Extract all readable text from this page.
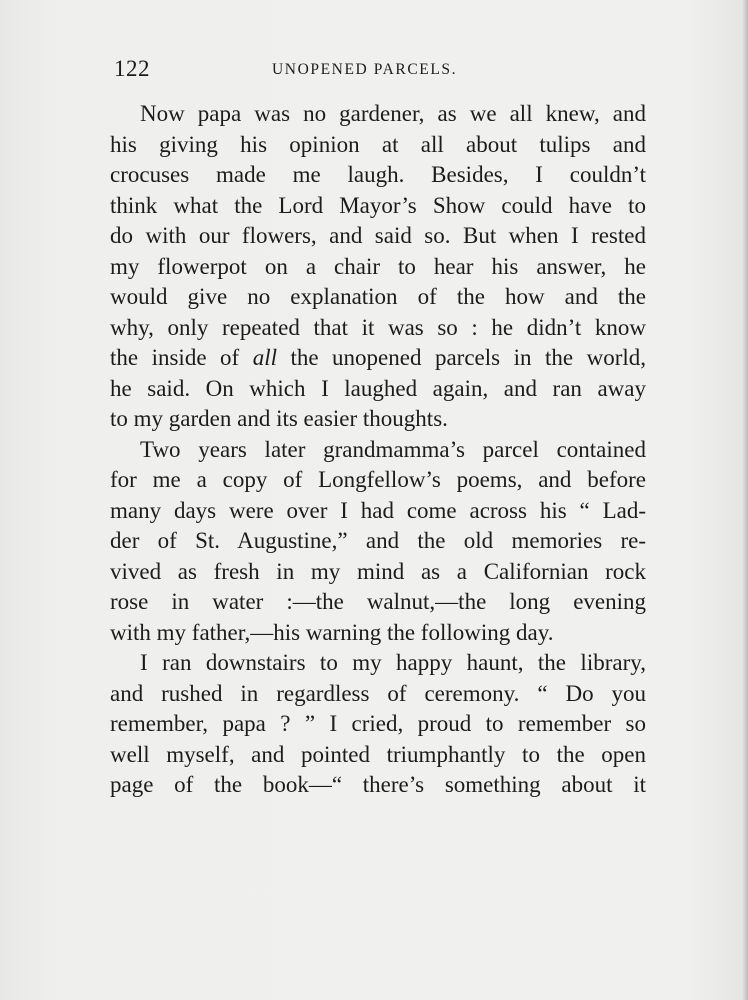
122	UNOPENED PARCELS.
Now papa was no gardener, as we all knew, and
his giving his opinion at all about tulips and
crocuses made me laugh. Besides, I couldn’t
think what the Lord Mayor’s Show could have to
do with our flowers, and said so. But when I rested
my flowerpot on a chair to hear his answer, he
would give no explanation of the how and the
why, only repeated that it was so : he didn’t know
the inside of all the unopened parcels in the world,
he said. On which I laughed again, and ran away
to my garden and its easier thoughts.
Two years later grandmamma’s parcel contained
for me a copy of Longfellow’s poems, and before
many days were over I had come across his “ Lad-
der of St. Augustine,” and the old memories re-
vived as fresh in my mind as a Californian rock
rose in water :—the walnut,—the long evening
with my father,—his warning the following day.
I ran downstairs to my happy haunt, the library,
and rushed in regardless of ceremony. “ Do you
remember, papa ? ” I cried, proud to remember so
well myself, and pointed triumphantly to the open
page of the book—“ there’s something about it
